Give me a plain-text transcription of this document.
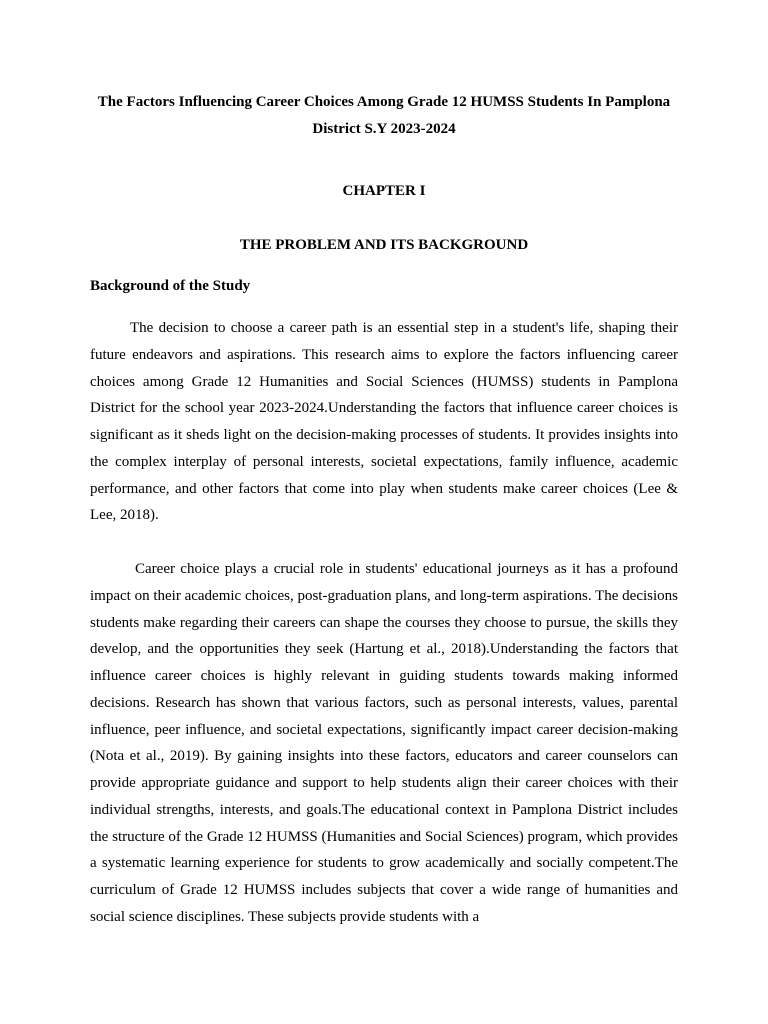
The Factors Influencing Career Choices Among Grade 12 HUMSS Students In Pamplona District S.Y 2023-2024

CHAPTER I

THE PROBLEM AND ITS BACKGROUND

Background of the Study

The decision to choose a career path is an essential step in a student's life, shaping their future endeavors and aspirations. This research aims to explore the factors influencing career choices among Grade 12 Humanities and Social Sciences (HUMSS) students in Pamplona District for the school year 2023-2024.Understanding the factors that influence career choices is significant as it sheds light on the decision-making processes of students. It provides insights into the complex interplay of personal interests, societal expectations, family influence, academic performance, and other factors that come into play when students make career choices (Lee & Lee, 2018).

Career choice plays a crucial role in students' educational journeys as it has a profound impact on their academic choices, post-graduation plans, and long-term aspirations. The decisions students make regarding their careers can shape the courses they choose to pursue, the skills they develop, and the opportunities they seek (Hartung et al., 2018).Understanding the factors that influence career choices is highly relevant in guiding students towards making informed decisions. Research has shown that various factors, such as personal interests, values, parental influence, peer influence, and societal expectations, significantly impact career decision-making (Nota et al., 2019). By gaining insights into these factors, educators and career counselors can provide appropriate guidance and support to help students align their career choices with their individual strengths, interests, and goals.The educational context in Pamplona District includes the structure of the Grade 12 HUMSS (Humanities and Social Sciences) program, which provides a systematic learning experience for students to grow academically and socially competent.The curriculum of Grade 12 HUMSS includes subjects that cover a wide range of humanities and social science disciplines. These subjects provide students with a
